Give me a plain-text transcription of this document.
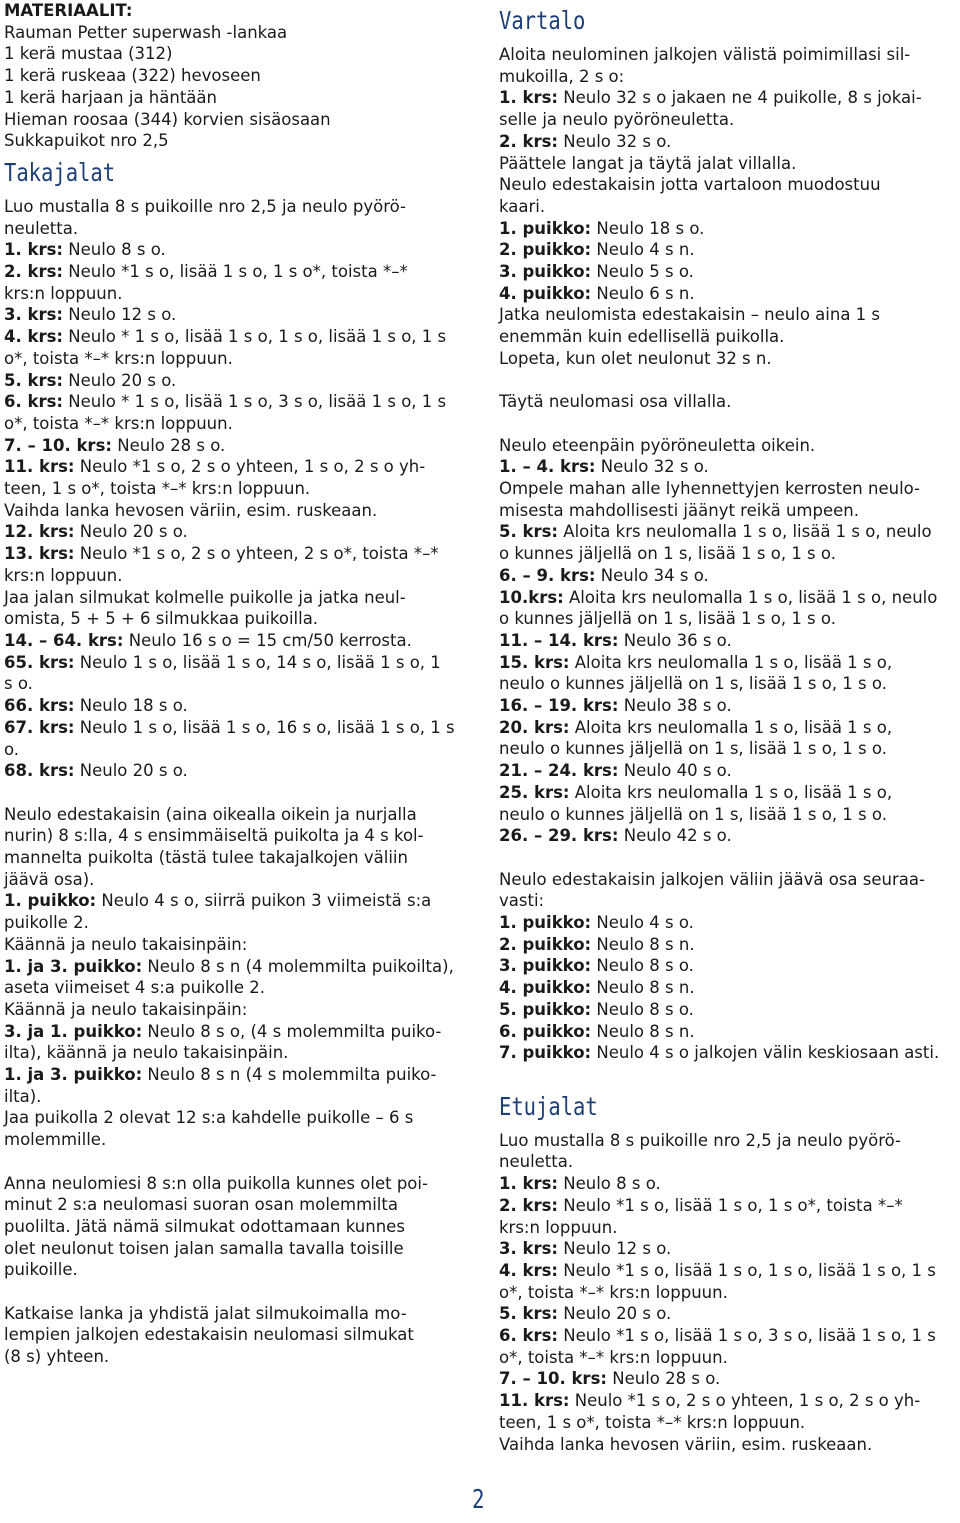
MATERIAALIT:
Rauman Petter superwash -lankaa
1 kerä mustaa (312)
1 kerä ruskeaa (322) hevoseen
1 kerä harjaan ja häntään
Hieman roosaa (344) korvien sisäosaan
Sukkapuikot nro 2,5
Takajalat
Luo mustalla 8 s puikoille nro 2,5 ja neulo pyörö-
neuletta.
1. krs: Neulo 8 s o.
2. krs: Neulo *1 s o, lisää 1 s o, 1 s o*, toista *–*
krs:n loppuun.
3. krs: Neulo 12 s o.
4. krs: Neulo * 1 s o, lisää 1 s o, 1 s o, lisää 1 s o, 1 s
o*, toista *–* krs:n loppuun.
5. krs: Neulo 20 s o.
6. krs: Neulo * 1 s o, lisää 1 s o, 3 s o, lisää 1 s o, 1 s
o*, toista *–* krs:n loppuun.
7. – 10. krs: Neulo 28 s o.
11. krs: Neulo *1 s o, 2 s o yhteen, 1 s o, 2 s o yh-
teen, 1 s o*, toista *–* krs:n loppuun.
Vaihda lanka hevosen väriin, esim. ruskeaan.
12. krs: Neulo 20 s o.
13. krs: Neulo *1 s o, 2 s o yhteen, 2 s o*, toista *–*
krs:n loppuun.
Jaa jalan silmukat kolmelle puikolle ja jatka neul-
omista, 5 + 5 + 6 silmukkaa puikoilla.
14. – 64. krs: Neulo 16 s o = 15 cm/50 kerrosta.
65. krs: Neulo 1 s o, lisää 1 s o, 14 s o, lisää 1 s o, 1
s o.
66. krs: Neulo 18 s o.
67. krs: Neulo 1 s o, lisää 1 s o, 16 s o, lisää 1 s o, 1 s
o.
68. krs: Neulo 20 s o.
Neulo edestakaisin (aina oikealla oikein ja nurjalla
nurin) 8 s:lla, 4 s ensimmäiseltä puikolta ja 4 s kol-
mannelta puikolta (tästä tulee takajalkojen väliin
jäävä osa).
1. puikko: Neulo 4 s o, siirrä puikon 3 viimeistä s:a
puikolle 2.
Käännä ja neulo takaisinpäin:
1. ja 3. puikko: Neulo 8 s n (4 molemmilta puikoilta),
aseta viimeiset 4 s:a puikolle 2.
Käännä ja neulo takaisinpäin:
3. ja 1. puikko: Neulo 8 s o, (4 s molemmilta puiko-
ilta), käännä ja neulo takaisinpäin.
1. ja 3. puikko: Neulo 8 s n (4 s molemmilta puiko-
ilta).
Jaa puikolla 2 olevat 12 s:a kahdelle puikolle – 6 s
molemmille.
Anna neulomiesi 8 s:n olla puikolla kunnes olet poi-
minut 2 s:a neulomasi suoran osan molemmilta
puolilta. Jätä nämä silmukat odottamaan kunnes
olet neulonut toisen jalan samalla tavalla toisille
puikoille.
Katkaise lanka ja yhdistä jalat silmukoimalla mo-
lempien jalkojen edestakaisin neulomasi silmukat
(8 s) yhteen.
Vartalo
Aloita neulominen jalkojen välistä poimimillasi sil-
mukoilla, 2 s o:
1. krs: Neulo 32 s o jakaen ne 4 puikolle, 8 s jokai-
selle ja neulo pyöröneuletta.
2. krs: Neulo 32 s o.
Päättele langat ja täytä jalat villalla.
Neulo edestakaisin jotta vartaloon muodostuu
kaari.
1. puikko: Neulo 18 s o.
2. puikko: Neulo 4 s n.
3. puikko: Neulo 5 s o.
4. puikko: Neulo 6 s n.
Jatka neulomista edestakaisin – neulo aina 1 s
enemmän kuin edellisellä puikolla.
Lopeta, kun olet neulonut 32 s n.
Täytä neulomasi osa villalla.
Neulo eteenpäin pyöröneuletta oikein.
1. – 4. krs: Neulo 32 s o.
Ompele mahan alle lyhennettyjen kerrosten neulo-
misesta mahdollisesti jäänyt reikä umpeen.
5. krs: Aloita krs neulomalla 1 s o, lisää 1 s o, neulo
o kunnes jäljellä on 1 s, lisää 1 s o, 1 s o.
6. – 9. krs: Neulo 34 s o.
10.krs: Aloita krs neulomalla 1 s o, lisää 1 s o, neulo
o kunnes jäljellä on 1 s, lisää 1 s o, 1 s o.
11. – 14. krs: Neulo 36 s o.
15. krs: Aloita krs neulomalla 1 s o, lisää 1 s o,
neulo o kunnes jäljellä on 1 s, lisää 1 s o, 1 s o.
16. – 19. krs: Neulo 38 s o.
20. krs: Aloita krs neulomalla 1 s o, lisää 1 s o,
neulo o kunnes jäljellä on 1 s, lisää 1 s o, 1 s o.
21. – 24. krs: Neulo 40 s o.
25. krs: Aloita krs neulomalla 1 s o, lisää 1 s o,
neulo o kunnes jäljellä on 1 s, lisää 1 s o, 1 s o.
26. – 29. krs: Neulo 42 s o.
Neulo edestakaisin jalkojen väliin jäävä osa seuraa-
vasti:
1. puikko: Neulo 4 s o.
2. puikko: Neulo 8 s n.
3. puikko: Neulo 8 s o.
4. puikko: Neulo 8 s n.
5. puikko: Neulo 8 s o.
6. puikko: Neulo 8 s n.
7. puikko: Neulo 4 s o jalkojen välin keskiosaan asti.
Etujalat
Luo mustalla 8 s puikoille nro 2,5 ja neulo pyörö-
neuletta.
1. krs: Neulo 8 s o.
2. krs: Neulo *1 s o, lisää 1 s o, 1 s o*, toista *–*
krs:n loppuun.
3. krs: Neulo 12 s o.
4. krs: Neulo *1 s o, lisää 1 s o, 1 s o, lisää 1 s o, 1 s
o*, toista *–* krs:n loppuun.
5. krs: Neulo 20 s o.
6. krs: Neulo *1 s o, lisää 1 s o, 3 s o, lisää 1 s o, 1 s
o*, toista *–* krs:n loppuun.
7. – 10. krs: Neulo 28 s o.
11. krs: Neulo *1 s o, 2 s o yhteen, 1 s o, 2 s o yh-
teen, 1 s o*, toista *–* krs:n loppuun.
Vaihda lanka hevosen väriin, esim. ruskeaan.
2
